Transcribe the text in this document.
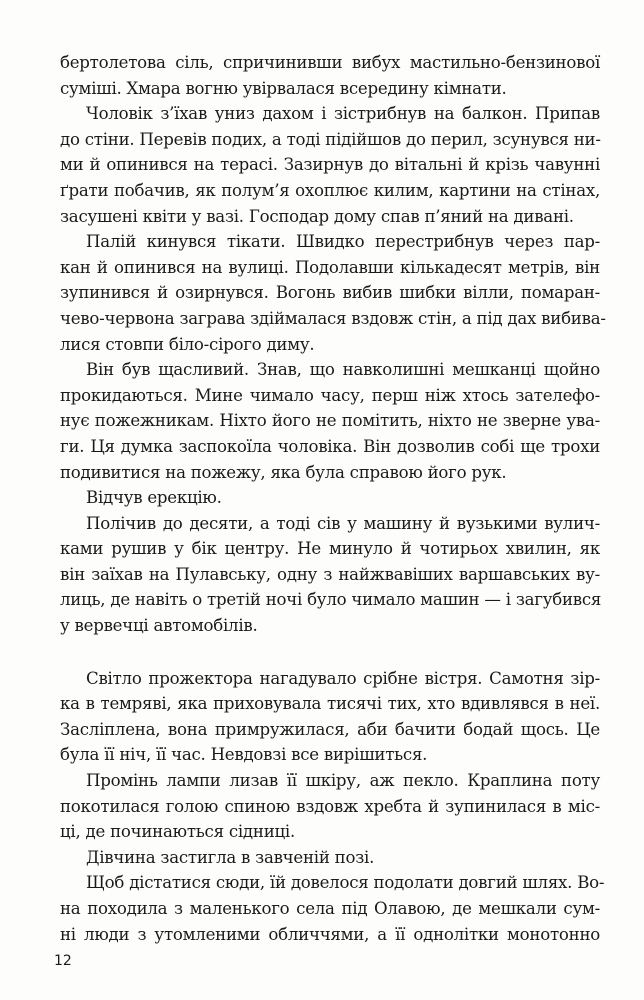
бертолетова сіль, спричинивши вибух мастильно-бензинової
суміші. Хмара вогню увірвалася всередину кімнати.
Чоловік з’їхав униз дахом і зістрибнув на балкон. Припав
до стіни. Перевів подих, а тоді підійшов до перил, зсунувся ни-
ми й опинився на терасі. Зазирнув до вітальні й крізь чавунні
ґрати побачив, як полум’я охоплює килим, картини на стінах,
засушені квіти у вазі. Господар дому спав п’яний на дивані.
Палій кинувся тікати. Швидко перестрибнув через пар-
кан й опинився на вулиці. Подолавши кількадесят метрів, він
зупинився й озирнувся. Вогонь вибив шибки вілли, помаран-
чево-червона заграва здіймалася вздовж стін, а під дах вибива-
лися стовпи біло-сірого диму.
Він був щасливий. Знав, що навколишні мешканці щойно
прокидаються. Мине чимало часу, перш ніж хтось зателефо-
нує пожежникам. Ніхто його не помітить, ніхто не зверне ува-
ги. Ця думка заспокоїла чоловіка. Він дозволив собі ще трохи
подивитися на пожежу, яка була справою його рук.
Відчув ерекцію.
Полічив до десяти, а тоді сів у машину й вузькими вулич-
ками рушив у бік центру. Не минуло й чотирьох хвилин, як
він заїхав на Пулавську, одну з найжвавіших варшавських ву-
лиць, де навіть о третій ночі було чимало машин — і загубився
у вервечці автомобілів.
Світло прожектора нагадувало срібне вістря. Самотня зір-
ка в темряві, яка приховувала тисячі тих, хто вдивлявся в неї.
Засліплена, вона примружилася, аби бачити бодай щось. Це
була її ніч, її час. Невдовзі все вирішиться.
Промінь лампи лизав її шкіру, аж пекло. Краплина поту
покотилася голою спиною вздовж хребта й зупинилася в міс-
ці, де починаються сідниці.
Дівчина застигла в завченій позі.
Щоб дістатися сюди, їй довелося подолати довгий шлях. Во-
на походила з маленького села під Олавою, де мешкали сум-
ні люди з утомленими обличчями, а її однолітки монотонно
12
